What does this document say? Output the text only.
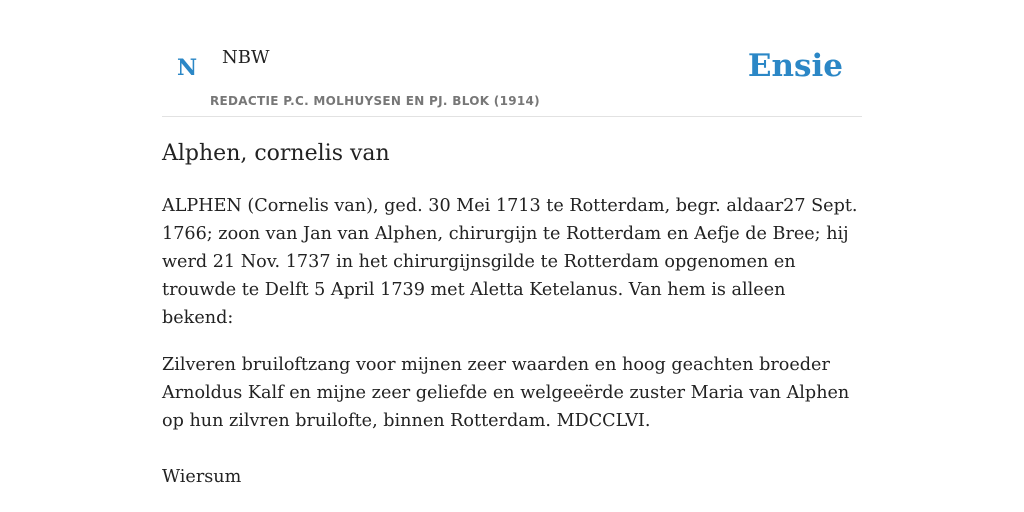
N NBW
REDACTIE P.C. MOLHUYSEN EN PJ. BLOK (1914)
Ensie
Alphen, cornelis van

ALPHEN (Cornelis van), ged. 30 Mei 1713 te Rotterdam, begr. aldaar27 Sept. 1766; zoon van Jan van Alphen, chirurgijn te Rotterdam en Aefje de Bree; hij werd 21 Nov. 1737 in het chirurgijnsgilde te Rotterdam opgenomen en trouwde te Delft 5 April 1739 met Aletta Ketelanus. Van hem is alleen bekend:

Zilveren bruiloftzang voor mijnen zeer waarden en hoog geachten broeder Arnoldus Kalf en mijne zeer geliefde en welgeeërde zuster Maria van Alphen op hun zilvren bruilofte, binnen Rotterdam. MDCCLVI.

Wiersum
